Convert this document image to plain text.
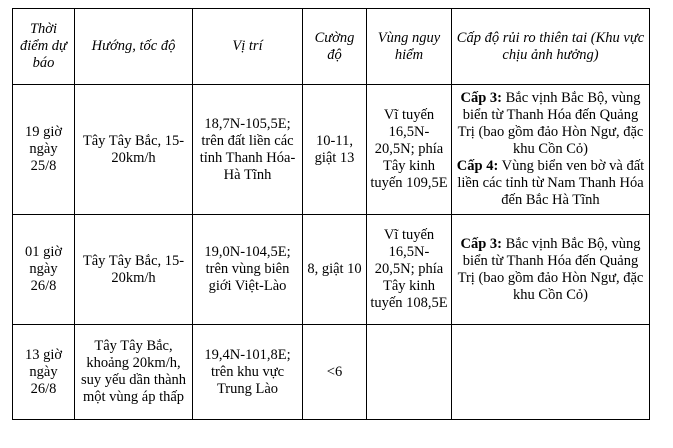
Thời điểm dự báo	Hướng, tốc độ	Vị trí	Cường độ	Vùng nguy hiểm	Cấp độ rủi ro thiên tai (Khu vực chịu ảnh hưởng)
19 giờ ngày 25/8	Tây Tây Bắc, 15- 20km/h	18,7N-105,5E; trên đất liền các tỉnh Thanh Hóa-Hà Tĩnh	10-11, giật 13	Vĩ tuyến 16,5N-20,5N; phía Tây kinh tuyến 109,5E	Cấp 3: Bắc vịnh Bắc Bộ, vùng biển từ Thanh Hóa đến Quảng Trị (bao gồm đảo Hòn Ngư, đặc khu Cồn Cỏ)
Cấp 4: Vùng biển ven bờ và đất liền các tỉnh từ Nam Thanh Hóa đến Bắc Hà Tĩnh

01 giờ ngày 26/8	Tây Tây Bắc, 15- 20km/h	19,0N-104,5E; trên vùng biên giới Việt-Lào	8, giật 10	Vĩ tuyến 16,5N-20,5N; phía Tây kinh tuyến 108,5E	Cấp 3: Bắc vịnh Bắc Bộ, vùng biển từ Thanh Hóa đến Quảng Trị (bao gồm đảo Hòn Ngư, đặc khu Cồn Cỏ)

13 giờ ngày 26/8	Tây Tây Bắc, khoảng 20km/h, suy yếu dần thành một vùng áp thấp	19,4N-101,8E; trên khu vực Trung Lào	<6		
